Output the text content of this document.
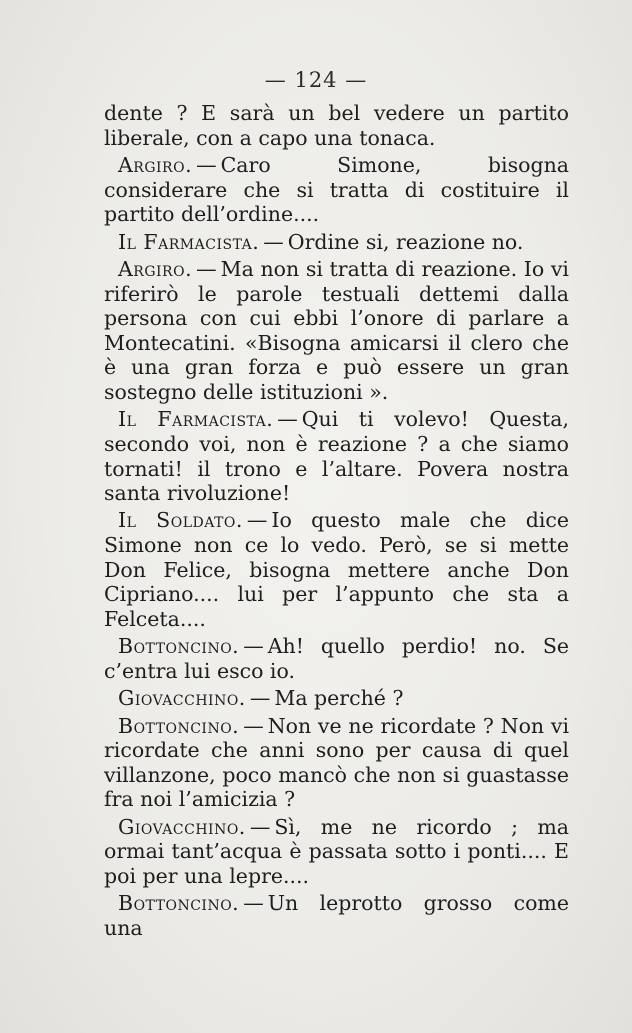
— 124 —

dente ? E sarà un bel vedere un partito liberale, con a capo una tonaca.

Argiro. — Caro Simone, bisogna considerare che si tratta di costituire il partito dell’ordine....

Il Farmacista. — Ordine si, reazione no.

Argiro. — Ma non si tratta di reazione. Io vi riferirò le parole testuali dettemi dalla persona con cui ebbi l’onore di parlare a Montecatini. «Bisogna amicarsi il clero che è una gran forza e può essere un gran sostegno delle istituzioni ».

Il Farmacista. — Qui ti volevo! Questa, secondo voi, non è reazione ? a che siamo tornati! il trono e l’altare. Povera nostra santa rivoluzione!

Il Soldato. — Io questo male che dice Simone non ce lo vedo. Però, se si mette Don Felice, bisogna mettere anche Don Cipriano.... lui per l’appunto che sta a Felceta....

Bottoncino. — Ah! quello perdio! no. Se c’entra lui esco io.

Giovacchino. — Ma perché ?

Bottoncino. — Non ve ne ricordate ? Non vi ricordate che anni sono per causa di quel villanzone, poco mancò che non si guastasse fra noi l’amicizia ?

Giovacchino. — Sì, me ne ricordo ; ma ormai tant’acqua è passata sotto i ponti.... E poi per una lepre....

Bottoncino. — Un leprotto grosso come una
